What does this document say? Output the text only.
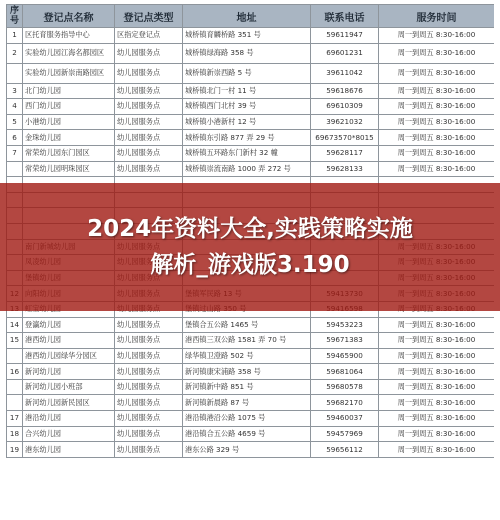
序号	登记点名称	登记点类型	地址	联系电话	服务时间
1	区托育服务指导中心	区指定登记点	城桥镇育麟桥路 351 号	59611947	周一到周五 8:30-16:00
2	实验幼儿园江海名都园区	幼儿园服务点	城桥镇绿海路 358 号	69601231	周一到周五 8:30-16:00
	实验幼儿园新崇南路园区	幼儿园服务点	城桥镇新崇西路 5 号	39611042	周一到周五 8:30-16:00
3	北门幼儿园	幼儿园服务点	城桥镇北门一村 11 号	59618676	周一到周五 8:30-16:00
4	西门幼儿园	幼儿园服务点	城桥镇西门北村 39 号	69610309	周一到周五 8:30-16:00
5	小港幼儿园	幼儿园服务点	城桥镇小港新村 12 号	39621032	周一到周五 8:30-16:00
6	金珠幼儿园	幼儿园服务点	城桥镇东引路 877 弄 29 号	69673570*8015	周一到周五 8:30-16:00
7	常荣幼儿园东门园区	幼儿园服务点	城桥镇五环路东门新村 32 幢	59628117	周一到周五 8:30-16:00
	常荣幼儿园明珠园区	幼儿园服务点	城桥镇崇流南路 1000 弄 272 号	59628133	周一到周五 8:30-16:00

14	登瀛幼儿园	幼儿园服务点	堡镇合五公路 1465 号	59453223	周一到周五 8:30-16:00
15	港西幼儿园	幼儿园服务点	港西镇三双公路 1581 弄 70 号	59671383	周一到周五 8:30-16:00
	港西幼儿园绿华分园区	幼儿园服务点	绿华镇卫澄路 502 号	59465900	周一到周五 8:30-16:00
16	新河幼儿园	幼儿园服务点	新河镇康宋浦路 358 号	59681064	周一到周五 8:30-16:00
	新河幼儿园小班部	幼儿园服务点	新河镇新中路 851 号	59680578	周一到周五 8:30-16:00
	新河幼儿园新民园区	幼儿园服务点	新河镇新晨路 87 号	59682170	周一到周五 8:30-16:00
17	港沿幼儿园	幼儿园服务点	港沿镇港沿公路 1075 号	59460037	周一到周五 8:30-16:00
18	合兴幼儿园	幼儿园服务点	港沿镇合五公路 4659 号	59457969	周一到周五 8:30-16:00
19	港东幼儿园	幼儿园服务点	港东公路 329 号	59656112	周一到周五 8:30-16:00
2024年资料大全,实践策略实施
解析_游戏版3.190
